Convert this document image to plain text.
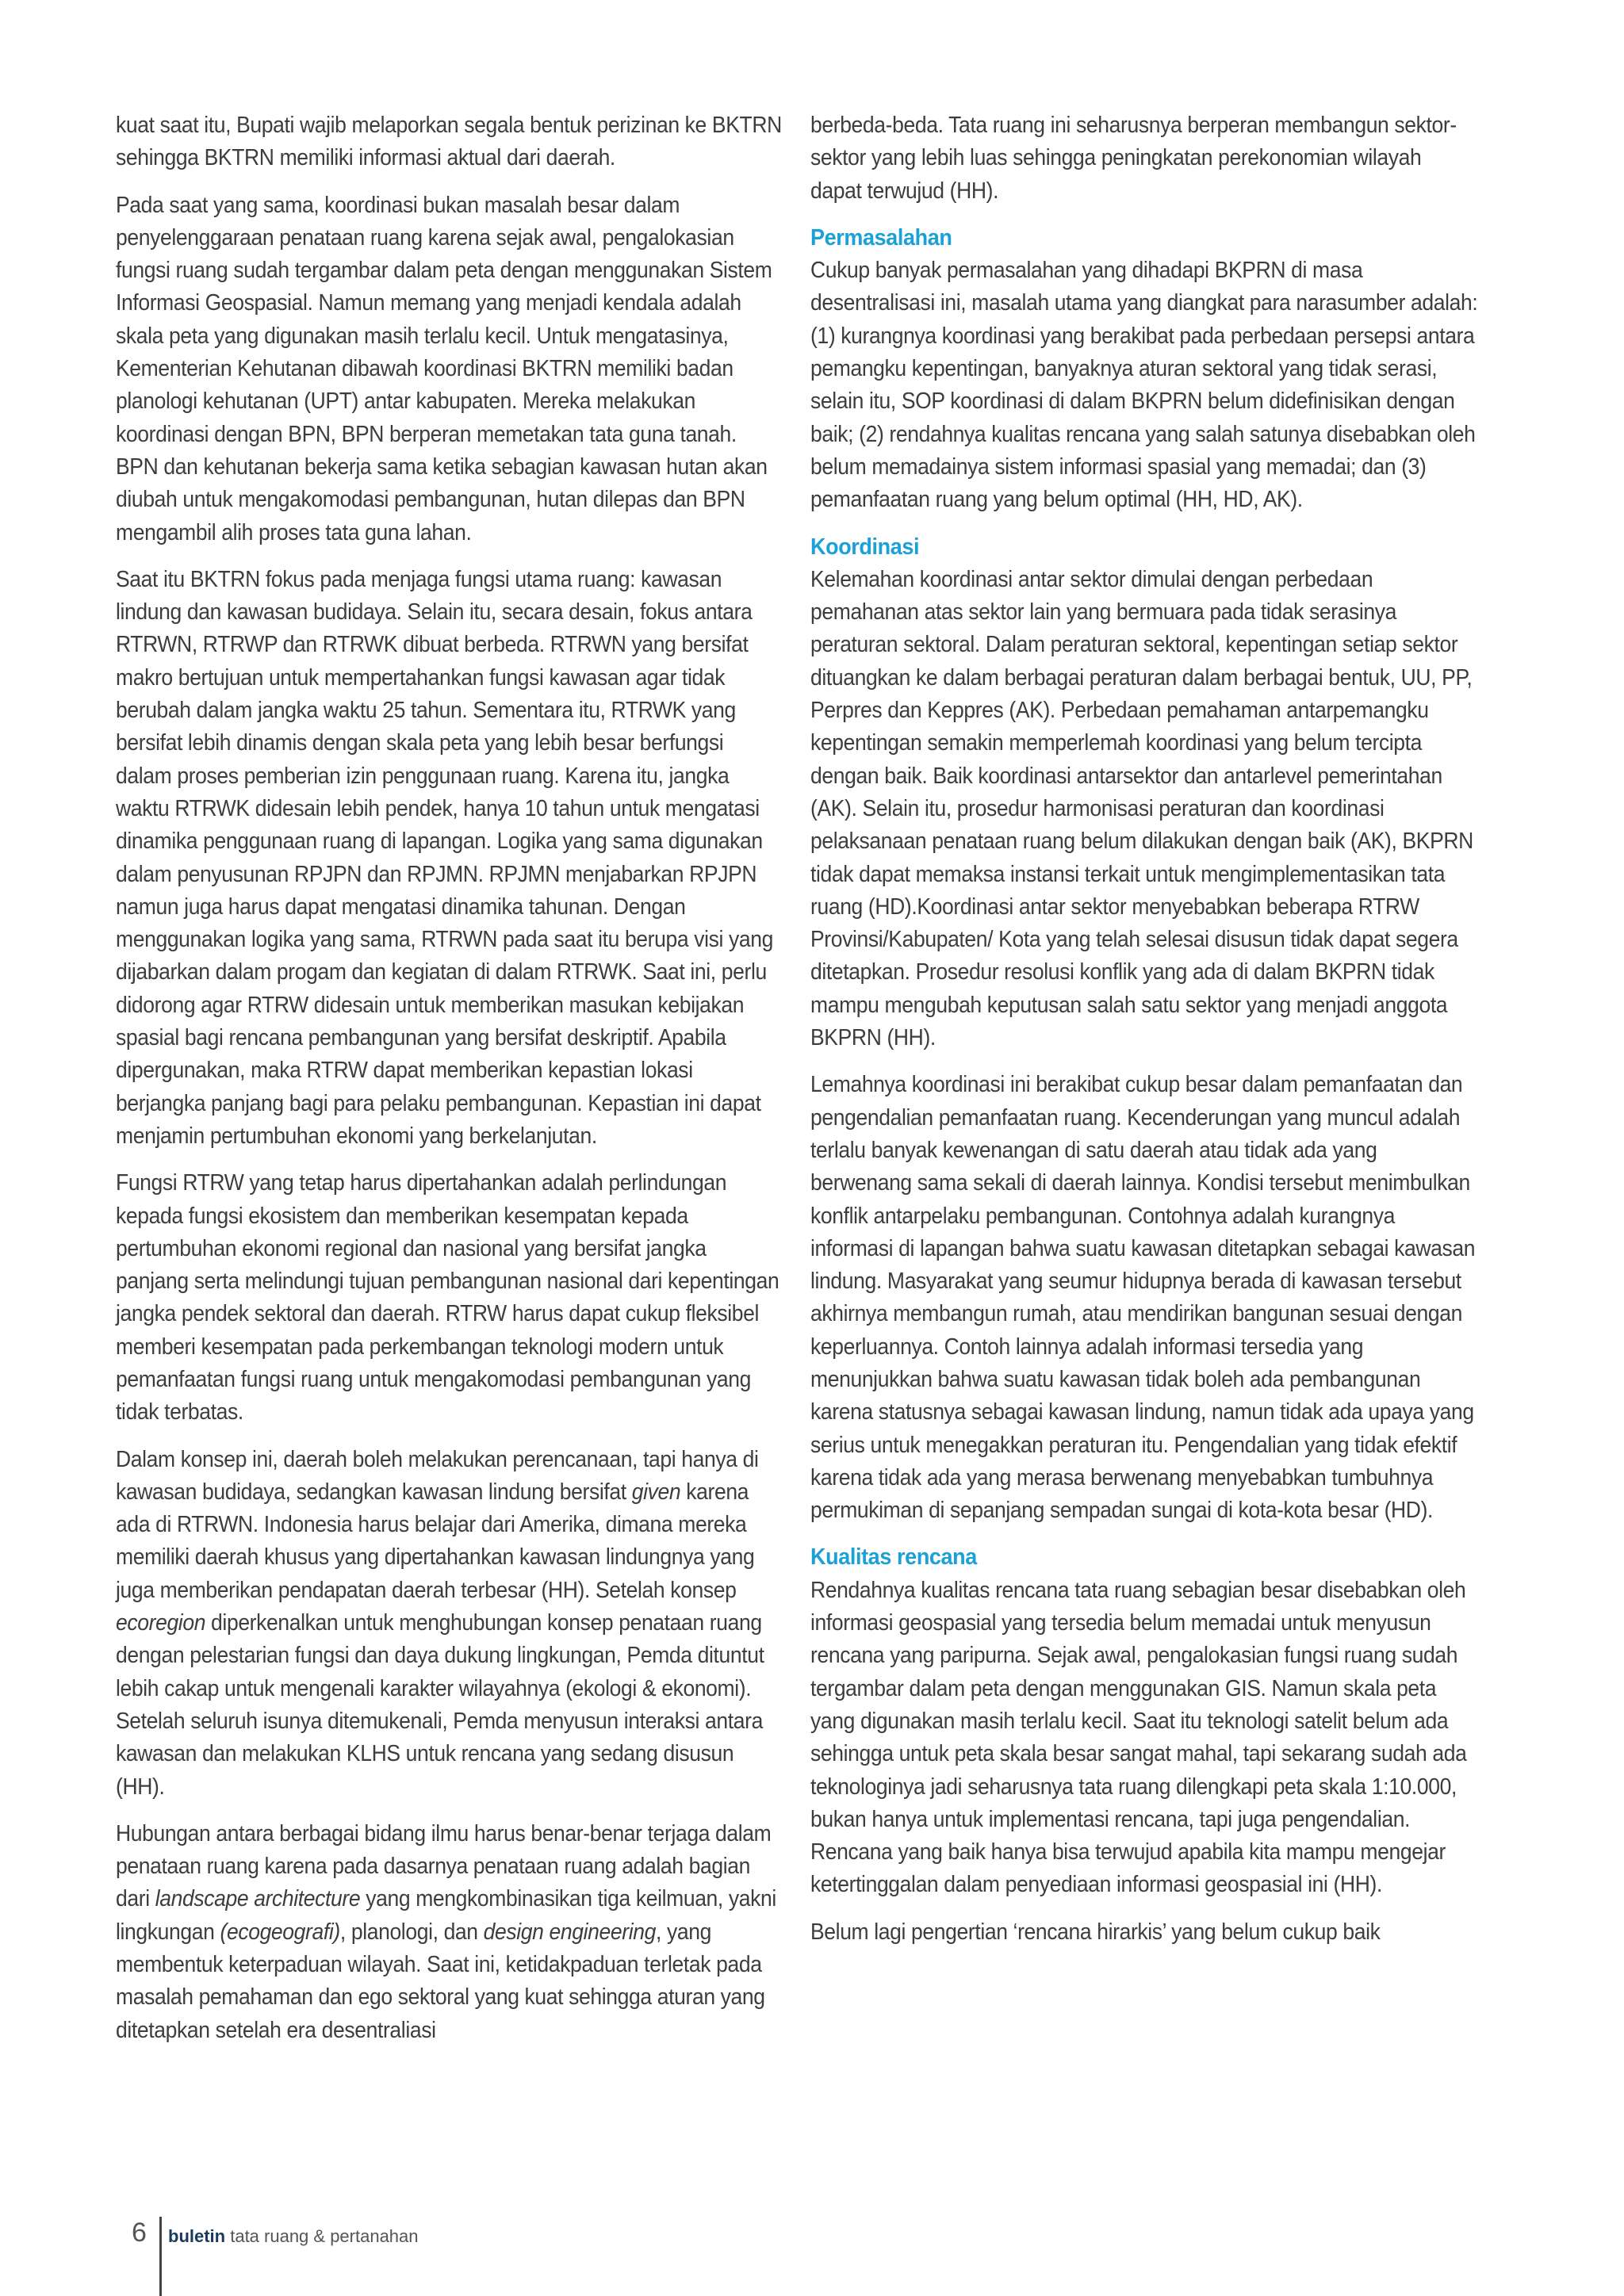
kuat saat itu, Bupati wajib melaporkan segala bentuk perizinan ke BKTRN sehingga BKTRN memiliki informasi aktual dari daerah.

Pada saat yang sama, koordinasi bukan masalah besar dalam penyelenggaraan penataan ruang karena sejak awal, pengalokasian fungsi ruang sudah tergambar dalam peta dengan menggunakan Sistem Informasi Geospasial. Namun memang yang menjadi kendala adalah skala peta yang digunakan masih terlalu kecil. Untuk mengatasinya, Kementerian Kehutanan dibawah koordinasi BKTRN memiliki badan planologi kehutanan (UPT) antar kabupaten. Mereka melakukan koordinasi dengan BPN, BPN berperan memetakan tata guna tanah. BPN dan kehutanan bekerja sama ketika sebagian kawasan hutan akan diubah untuk mengakomodasi pembangunan, hutan dilepas dan BPN mengambil alih proses tata guna lahan.

Saat itu BKTRN fokus pada menjaga fungsi utama ruang: kawasan lindung dan kawasan budidaya. Selain itu, secara desain, fokus antara RTRWN, RTRWP dan RTRWK dibuat berbeda. RTRWN yang bersifat makro bertujuan untuk mempertahankan fungsi kawasan agar tidak berubah dalam jangka waktu 25 tahun. Sementara itu, RTRWK yang bersifat lebih dinamis dengan skala peta yang lebih besar berfungsi dalam proses pemberian izin penggunaan ruang. Karena itu, jangka waktu RTRWK didesain lebih pendek, hanya 10 tahun untuk mengatasi dinamika penggunaan ruang di lapangan. Logika yang sama digunakan dalam penyusunan RPJPN dan RPJMN. RPJMN menjabarkan RPJPN namun juga harus dapat mengatasi dinamika tahunan. Dengan menggunakan logika yang sama, RTRWN pada saat itu berupa visi yang dijabarkan dalam progam dan kegiatan di dalam RTRWK. Saat ini, perlu didorong agar RTRW didesain untuk memberikan masukan kebijakan spasial bagi rencana pembangunan yang bersifat deskriptif. Apabila dipergunakan, maka RTRW dapat memberikan kepastian lokasi berjangka panjang bagi para pelaku pembangunan. Kepastian ini dapat menjamin pertumbuhan ekonomi yang berkelanjutan.

Fungsi RTRW yang tetap harus dipertahankan adalah perlindungan kepada fungsi ekosistem dan memberikan kesempatan kepada pertumbuhan ekonomi regional dan nasional yang bersifat jangka panjang serta melindungi tujuan pembangunan nasional dari kepentingan jangka pendek sektoral dan daerah. RTRW harus dapat cukup fleksibel memberi kesempatan pada perkembangan teknologi modern untuk pemanfaatan fungsi ruang untuk mengakomodasi pembangunan yang tidak terbatas.

Dalam konsep ini, daerah boleh melakukan perencanaan, tapi hanya di kawasan budidaya, sedangkan kawasan lindung bersifat given karena ada di RTRWN. Indonesia harus belajar dari Amerika, dimana mereka memiliki daerah khusus yang dipertahankan kawasan lindungnya yang juga memberikan pendapatan daerah terbesar (HH). Setelah konsep ecoregion diperkenalkan untuk menghubungan konsep penataan ruang dengan pelestarian fungsi dan daya dukung lingkungan, Pemda dituntut lebih cakap untuk mengenali karakter wilayahnya (ekologi & ekonomi). Setelah seluruh isunya ditemukenali, Pemda menyusun interaksi antara kawasan dan melakukan KLHS untuk rencana yang sedang disusun (HH).

Hubungan antara berbagai bidang ilmu harus benar-benar terjaga dalam penataan ruang karena pada dasarnya penataan ruang adalah bagian dari landscape architecture yang mengkombinasikan tiga keilmuan, yakni lingkungan (ecogeografi), planologi, dan design engineering, yang membentuk keterpaduan wilayah. Saat ini, ketidakpaduan terletak pada masalah pemahaman dan ego sektoral yang kuat sehingga aturan yang ditetapkan setelah era desentraliasi

berbeda-beda. Tata ruang ini seharusnya berperan membangun sektor-sektor yang lebih luas sehingga peningkatan perekonomian wilayah dapat terwujud (HH).

Permasalahan

Cukup banyak permasalahan yang dihadapi BKPRN di masa desentralisasi ini, masalah utama yang diangkat para narasumber adalah: (1) kurangnya koordinasi yang berakibat pada perbedaan persepsi antara pemangku kepentingan, banyaknya aturan sektoral yang tidak serasi, selain itu, SOP koordinasi di dalam BKPRN belum didefinisikan dengan baik; (2) rendahnya kualitas rencana yang salah satunya disebabkan oleh belum memadainya sistem informasi spasial yang memadai; dan (3) pemanfaatan ruang yang belum optimal (HH, HD, AK).

Koordinasi

Kelemahan koordinasi antar sektor dimulai dengan perbedaan pemahanan atas sektor lain yang bermuara pada tidak serasinya peraturan sektoral. Dalam peraturan sektoral, kepentingan setiap sektor dituangkan ke dalam berbagai peraturan dalam berbagai bentuk, UU, PP, Perpres dan Keppres (AK). Perbedaan pemahaman antarpemangku kepentingan semakin memperlemah koordinasi yang belum tercipta dengan baik. Baik koordinasi antarsektor dan antarlevel pemerintahan (AK). Selain itu, prosedur harmonisasi peraturan dan koordinasi pelaksanaan penataan ruang belum dilakukan dengan baik (AK), BKPRN tidak dapat memaksa instansi terkait untuk mengimplementasikan tata ruang (HD).Koordinasi antar sektor menyebabkan beberapa RTRW Provinsi/Kabupaten/ Kota yang telah selesai disusun tidak dapat segera ditetapkan. Prosedur resolusi konflik yang ada di dalam BKPRN tidak mampu mengubah keputusan salah satu sektor yang menjadi anggota BKPRN (HH).

Lemahnya koordinasi ini berakibat cukup besar dalam pemanfaatan dan pengendalian pemanfaatan ruang. Kecenderungan yang muncul adalah terlalu banyak kewenangan di satu daerah atau tidak ada yang berwenang sama sekali di daerah lainnya. Kondisi tersebut menimbulkan konflik antarpelaku pembangunan. Contohnya adalah kurangnya informasi di lapangan bahwa suatu kawasan ditetapkan sebagai kawasan lindung. Masyarakat yang seumur hidupnya berada di kawasan tersebut akhirnya membangun rumah, atau mendirikan bangunan sesuai dengan keperluannya. Contoh lainnya adalah informasi tersedia yang menunjukkan bahwa suatu kawasan tidak boleh ada pembangunan karena statusnya sebagai kawasan lindung, namun tidak ada upaya yang serius untuk menegakkan peraturan itu. Pengendalian yang tidak efektif karena tidak ada yang merasa berwenang menyebabkan tumbuhnya permukiman di sepanjang sempadan sungai di kota-kota besar (HD).

Kualitas rencana

Rendahnya kualitas rencana tata ruang sebagian besar disebabkan oleh informasi geospasial yang tersedia belum memadai untuk menyusun rencana yang paripurna. Sejak awal, pengalokasian fungsi ruang sudah tergambar dalam peta dengan menggunakan GIS. Namun skala peta yang digunakan masih terlalu kecil. Saat itu teknologi satelit belum ada sehingga untuk peta skala besar sangat mahal, tapi sekarang sudah ada teknologinya jadi seharusnya tata ruang dilengkapi peta skala 1:10.000, bukan hanya untuk implementasi rencana, tapi juga pengendalian. Rencana yang baik hanya bisa terwujud apabila kita mampu mengejar ketertinggalan dalam penyediaan informasi geospasial ini (HH).

Belum lagi pengertian ‘rencana hirarkis’ yang belum cukup baik

6 buletin tata ruang & pertanahan
